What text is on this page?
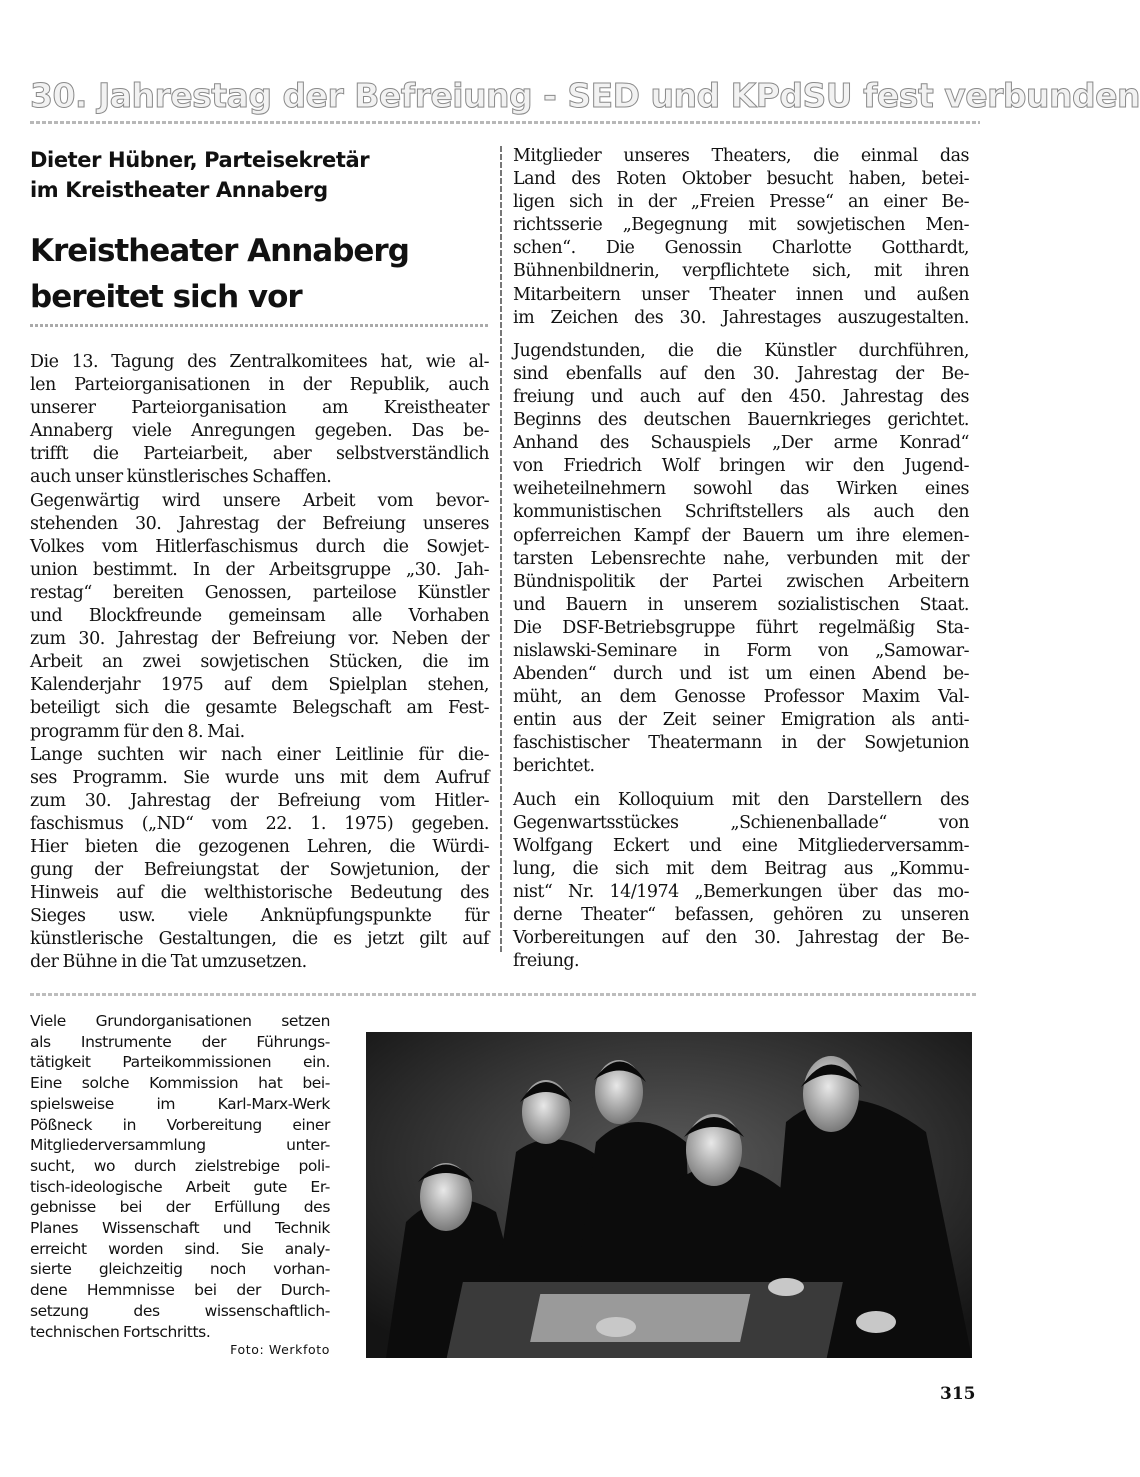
30. Jahrestag der Befreiung - SED und KPdSU fest verbunden
Dieter Hübner, Parteisekretär
im Kreistheater Annaberg
Kreistheater Annaberg
bereitet sich vor
Die 13. Tagung des Zentralkomitees hat, wie al-
len Parteiorganisationen in der Republik, auch
unserer Parteiorganisation am Kreistheater
Annaberg viele Anregungen gegeben. Das be-
trifft die Parteiarbeit, aber selbstverständlich
auch unser künstlerisches Schaffen.
Gegenwärtig wird unsere Arbeit vom bevor-
stehenden 30. Jahrestag der Befreiung unseres
Volkes vom Hitlerfaschismus durch die Sowjet-
union bestimmt. In der Arbeitsgruppe „30. Jah-
restag“ bereiten Genossen, parteilose Künstler
und Blockfreunde gemeinsam alle Vorhaben
zum 30. Jahrestag der Befreiung vor. Neben der
Arbeit an zwei sowjetischen Stücken, die im
Kalenderjahr 1975 auf dem Spielplan stehen,
beteiligt sich die gesamte Belegschaft am Fest-
programm für den 8. Mai.
Lange suchten wir nach einer Leitlinie für die-
ses Programm. Sie wurde uns mit dem Aufruf
zum 30. Jahrestag der Befreiung vom Hitler-
faschismus („ND“ vom 22. 1. 1975) gegeben.
Hier bieten die gezogenen Lehren, die Würdi-
gung der Befreiungstat der Sowjetunion, der
Hinweis auf die welthistorische Bedeutung des
Sieges usw. viele Anknüpfungspunkte für
künstlerische Gestaltungen, die es jetzt gilt auf
der Bühne in die Tat umzusetzen.
Mitglieder unseres Theaters, die einmal das
Land des Roten Oktober besucht haben, betei-
ligen sich in der „Freien Presse“ an einer Be-
richtsserie „Begegnung mit sowjetischen Men-
schen“. Die Genossin Charlotte Gotthardt,
Bühnenbildnerin, verpflichtete sich, mit ihren
Mitarbeitern unser Theater innen und außen
im Zeichen des 30. Jahrestages auszugestalten.
Jugendstunden, die die Künstler durchführen,
sind ebenfalls auf den 30. Jahrestag der Be-
freiung und auch auf den 450. Jahrestag des
Beginns des deutschen Bauernkrieges gerichtet.
Anhand des Schauspiels „Der arme Konrad“
von Friedrich Wolf bringen wir den Jugend-
weiheteilnehmern sowohl das Wirken eines
kommunistischen Schriftstellers als auch den
opferreichen Kampf der Bauern um ihre elemen-
tarsten Lebensrechte nahe, verbunden mit der
Bündnispolitik der Partei zwischen Arbeitern
und Bauern in unserem sozialistischen Staat.
Die DSF-Betriebsgruppe führt regelmäßig Sta-
nislawski-Seminare in Form von „Samowar-
Abenden“ durch und ist um einen Abend be-
müht, an dem Genosse Professor Maxim Val-
entin aus der Zeit seiner Emigration als anti-
faschistischer Theatermann in der Sowjetunion
berichtet.
Auch ein Kolloquium mit den Darstellern des
Gegenwartsstückes „Schienenballade“ von
Wolfgang Eckert und eine Mitgliederversamm-
lung, die sich mit dem Beitrag aus „Kommu-
nist“ Nr. 14/1974 „Bemerkungen über das mo-
derne Theater“ befassen, gehören zu unseren
Vorbereitungen auf den 30. Jahrestag der Be-
freiung.
Viele Grundorganisationen setzen
als Instrumente der Führungs-
tätigkeit Parteikommissionen ein.
Eine solche Kommission hat bei-
spielsweise im Karl-Marx-Werk
Pößneck in Vorbereitung einer
Mitgliederversammlung unter-
sucht, wo durch zielstrebige poli-
tisch-ideologische Arbeit gute Er-
gebnisse bei der Erfüllung des
Planes Wissenschaft und Technik
erreicht worden sind. Sie analy-
sierte gleichzeitig noch vorhan-
dene Hemmnisse bei der Durch-
setzung des wissenschaftlich-
technischen Fortschritts.
Foto: Werkfoto
315
